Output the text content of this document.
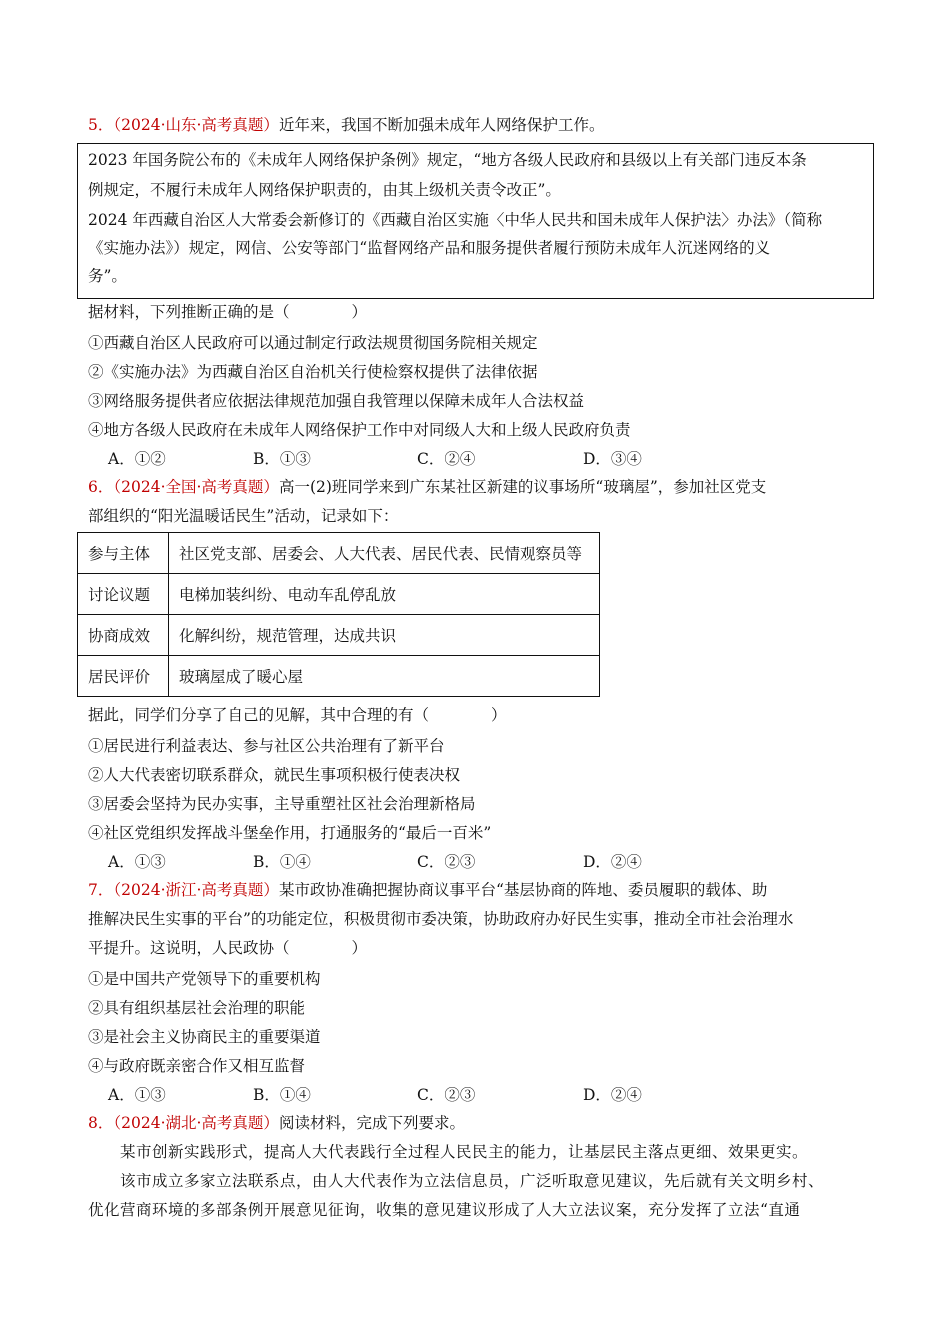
5．（2024·山东·高考真题）近年来，我国不断加强未成年人网络保护工作。
2023 年国务院公布的《未成年人网络保护条例》规定，“地方各级人民政府和县级以上有关部门违反本条
例规定，不履行未成年人网络保护职责的，由其上级机关责令改正”。
2024 年西藏自治区人大常委会新修订的《西藏自治区实施〈中华人民共和国未成年人保护法〉办法》（简称
《实施办法》）规定，网信、公安等部门“监督网络产品和服务提供者履行预防未成年人沉迷网络的义
务”。
据材料，下列推断正确的是（　　　　）
①西藏自治区人民政府可以通过制定行政法规贯彻国务院相关规定
②《实施办法》为西藏自治区自治机关行使检察权提供了法律依据
③网络服务提供者应依据法律规范加强自我管理以保障未成年人合法权益
④地方各级人民政府在未成年人网络保护工作中对同级人大和上级人民政府负责
A．①②	B．①③	C．②④	D．③④
6．（2024·全国·高考真题）高一(2)班同学来到广东某社区新建的议事场所“玻璃屋”，参加社区党支
部组织的“阳光温暖话民生”活动，记录如下：
参与主体	社区党支部、居委会、人大代表、居民代表、民情观察员等
讨论议题	电梯加装纠纷、电动车乱停乱放
协商成效	化解纠纷，规范管理，达成共识
居民评价	玻璃屋成了暖心屋
据此，同学们分享了自己的见解，其中合理的有（　　　　）
①居民进行利益表达、参与社区公共治理有了新平台
②人大代表密切联系群众，就民生事项积极行使表决权
③居委会坚持为民办实事，主导重塑社区社会治理新格局
④社区党组织发挥战斗堡垒作用，打通服务的“最后一百米”
A．①③	B．①④	C．②③	D．②④
7．（2024·浙江·高考真题）某市政协准确把握协商议事平台“基层协商的阵地、委员履职的载体、助
推解决民生实事的平台”的功能定位，积极贯彻市委决策，协助政府办好民生实事，推动全市社会治理水
平提升。这说明，人民政协（　　　　）
①是中国共产党领导下的重要机构
②具有组织基层社会治理的职能
③是社会主义协商民主的重要渠道
④与政府既亲密合作又相互监督
A．①③	B．①④	C．②③	D．②④
8．（2024·湖北·高考真题）阅读材料，完成下列要求。
某市创新实践形式，提高人大代表践行全过程人民民主的能力，让基层民主落点更细、效果更实。
该市成立多家立法联系点，由人大代表作为立法信息员，广泛听取意见建议，先后就有关文明乡村、
优化营商环境的多部条例开展意见征询，收集的意见建议形成了人大立法议案，充分发挥了立法“直通
